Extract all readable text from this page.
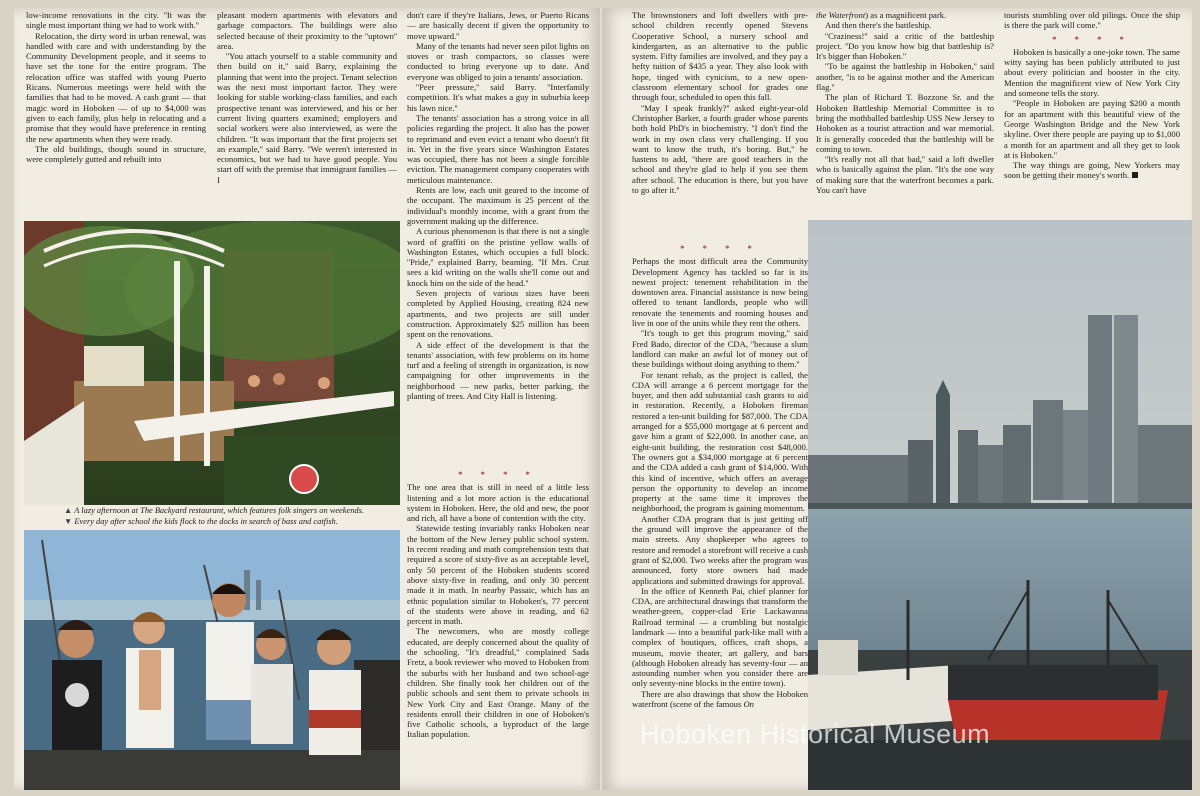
low-income renovations in the city. ''It was the single most important thing we had to work with.''

Relocation, the dirty word in urban renewal, was handled with care and with understanding by the Community Development people, and it seems to have set the tone for the entire program. The relocation office was staffed with young Puerto Ricans. Numerous meetings were held with the families that had to be moved. A cash grant — that magic word in Hoboken — of up to $4,000 was given to each family, plus help in relocating and a promise that they would have preference in renting the new apartments when they were ready.

The old buildings, though sound in structure, were completely gutted and rebuilt into

pleasant modern apartments with elevators and garbage compactors. The buildings were also selected because of their proximity to the ''uptown'' area.

''You attach yourself to a stable community and then build on it,'' said Barry, explaining the planning that went into the project. Tenant selection was the next most important factor. They were looking for stable working-class families, and each prospective tenant was interviewed, and his or her current living quarters examined; employers and social workers were also interviewed, as were the children. ''It was important that the first projects set an example,'' said Barry. ''We weren't interested in economics, but we had to have good people. You start off with the premise that immigrant families — I

don't care if they're Italians, Jews, or Puerto Ricans — are basically decent if given the opportunity to move upward.''

Many of the tenants had never seen pilot lights on stoves or trash compactors, so classes were conducted to bring everyone up to date. And everyone was obliged to join a tenants' association.

''Peer pressure,'' said Barry. ''Interfamily competition. It's what makes a guy in suburbia keep his lawn nice.''

The tenants' association has a strong voice in all policies regarding the project. It also has the power to reprimand and even evict a tenant who doesn't fit in. Yet in the five years since Washington Estates was occupied, there has not been a single forcible eviction. The management company cooperates with meticulous maintenance.

Rents are low, each unit geared to the income of the occupant. The maximum is 25 percent of the individual's monthly income, with a grant from the government making up the difference.

A curious phenomenon is that there is not a single word of graffiti on the pristine yellow walls of Washington Estates, which occupies a full block. ''Pride,'' explained Barry, beaming. ''If Mrs. Cruz sees a kid writing on the walls she'll come out and knock him on the side of the head.''

Seven projects of various sizes have been completed by Applied Housing, creating 824 new apartments, and two projects are still under construction. Approximately $25 million has been spent on the renovations.

A side effect of the development is that the tenants' association, with few problems on its home turf and a feeling of strength in organization, is now campaigning for other improvements in the neighborhood — new parks, better parking, the planting of trees. And City Hall is listening.

* * * *

The one area that is still in need of a little less listening and a lot more action is the educational system in Hoboken. Here, the old and new, the poor and rich, all have a bone of contention with the city.

Statewide testing invariably ranks Hoboken near the bottom of the New Jersey public school system. In recent reading and math comprehension tests that required a score of sixty-five as an acceptable level, only 50 percent of the Hoboken students scored above sixty-five in reading, and only 30 percent made it in math. In nearby Passaic, which has an ethnic population similar to Hoboken's, 77 percent of the students were above in reading, and 62 percent in math.

The newcomers, who are mostly college educated, are deeply concerned about the quality of the schooling. ''It's dreadful,'' complained Sada Fretz, a book reviewer who moved to Hoboken from the suburbs with her husband and two school-age children. She finally took her children out of the public schools and sent them to private schools in New York City and East Orange. Many of the residents enroll their children in one of Hoboken's five Catholic schools, a byproduct of the large Italian population.

▲ A lazy afternoon at The Backyard restaurant, which features folk singers on weekends.
▼ Every day after school the kids flock to the docks in search of bass and catfish.

The brownstoners and loft dwellers with pre-school children recently opened Stevens Cooperative School, a nursery school and kindergarten, as an alternative to the public system. Fifty families are involved, and they pay a hefty tuition of $435 a year. They also look with hope, tinged with cynicism, to a new open-classroom elementary school for grades one through four, scheduled to open this fall.

''May I speak frankly?'' asked eight-year-old Christopher Barker, a fourth grader whose parents both hold PhD's in biochemistry. ''I don't find the work in my own class very challenging. If you want to know the truth, it's boring. But,'' he hastens to add, ''there are good teachers in the school and they're glad to help if you see them after school. The education is there, but you have to go after it.''

* * * *

Perhaps the most difficult area the Community Development Agency has tackled so far is its newest project: tenement rehabilitation in the downtown area. Financial assistance is now being offered to tenant landlords, people who will renovate the tenements and rooming houses and live in one of the units while they rent the others.

''It's tough to get this program moving,'' said Fred Bado, director of the CDA, ''because a slum landlord can make an awful lot of money out of these buildings without doing anything to them.''

For tenant rehab, as the project is called, the CDA will arrange a 6 percent mortgage for the buyer, and then add substantial cash grants to aid in restoration. Recently, a Hoboken fireman restored a ten-unit building for $87,000. The CDA arranged for a $55,000 mortgage at 6 percent and gave him a grant of $22,000. In another case, an eight-unit building, the restoration cost $48,000. The owners got a $34,000 mortgage at 6 percent and the CDA added a cash grant of $14,000. With this kind of incentive, which offers an average person the opportunity to develop an income property at the same time it improves the neighborhood, the program is gaining momentum.

Another CDA program that is just getting off the ground will improve the appearance of the main streets. Any shopkeeper who agrees to restore and remodel a storefront will receive a cash grant of $2,000. Two weeks after the program was announced, forty store owners had made applications and submitted drawings for approval.

In the office of Kenneth Pai, chief planner for CDA, are architectural drawings that transform the weather-green, copper-clad Erie Lackawanna Railroad terminal — a crumbling but nostalgic landmark — into a beautiful park-like mall with a complex of boutiques, offices, craft shops, a museum, movie theater, art gallery, and bars (although Hoboken already has seventy-four — an astounding number when you consider there are only seventy-nine blocks in the entire town).

There are also drawings that show the Hoboken waterfront (scene of the famous On

the Waterfront) as a magnificent park.

And then there's the battleship.

''Craziness!'' said a critic of the battleship project. ''Do you know how big that battleship is? It's bigger than Hoboken.''

''To be against the battleship in Hoboken,'' said another, ''is to be against mother and the American flag.''

The plan of Richard T. Bozzone Sr. and the Hoboken Battleship Memorial Committee is to bring the mothballed battleship USS New Jersey to Hoboken as a tourist attraction and war memorial. It is generally conceded that the battleship will be coming to town.

''It's really not all that bad,'' said a loft dweller who is basically against the plan. ''It's the one way of making sure that the waterfront becomes a park. You can't have

tourists stumbling over old pilings. Once the ship is there the park will come.''

* * * *

Hoboken is basically a one-joke town. The same witty saying has been publicly attributed to just about every politician and booster in the city. Mention the magnificent view of New York City and someone tells the story.

''People in Hoboken are paying $200 a month for an apartment with this beautiful view of the George Washington Bridge and the New York skyline. Over there people are paying up to $1,000 a month for an apartment and all they get to look at is Hoboken.''

The way things are going, New Yorkers may soon be getting their money's worth.

Hoboken Historical Museum
